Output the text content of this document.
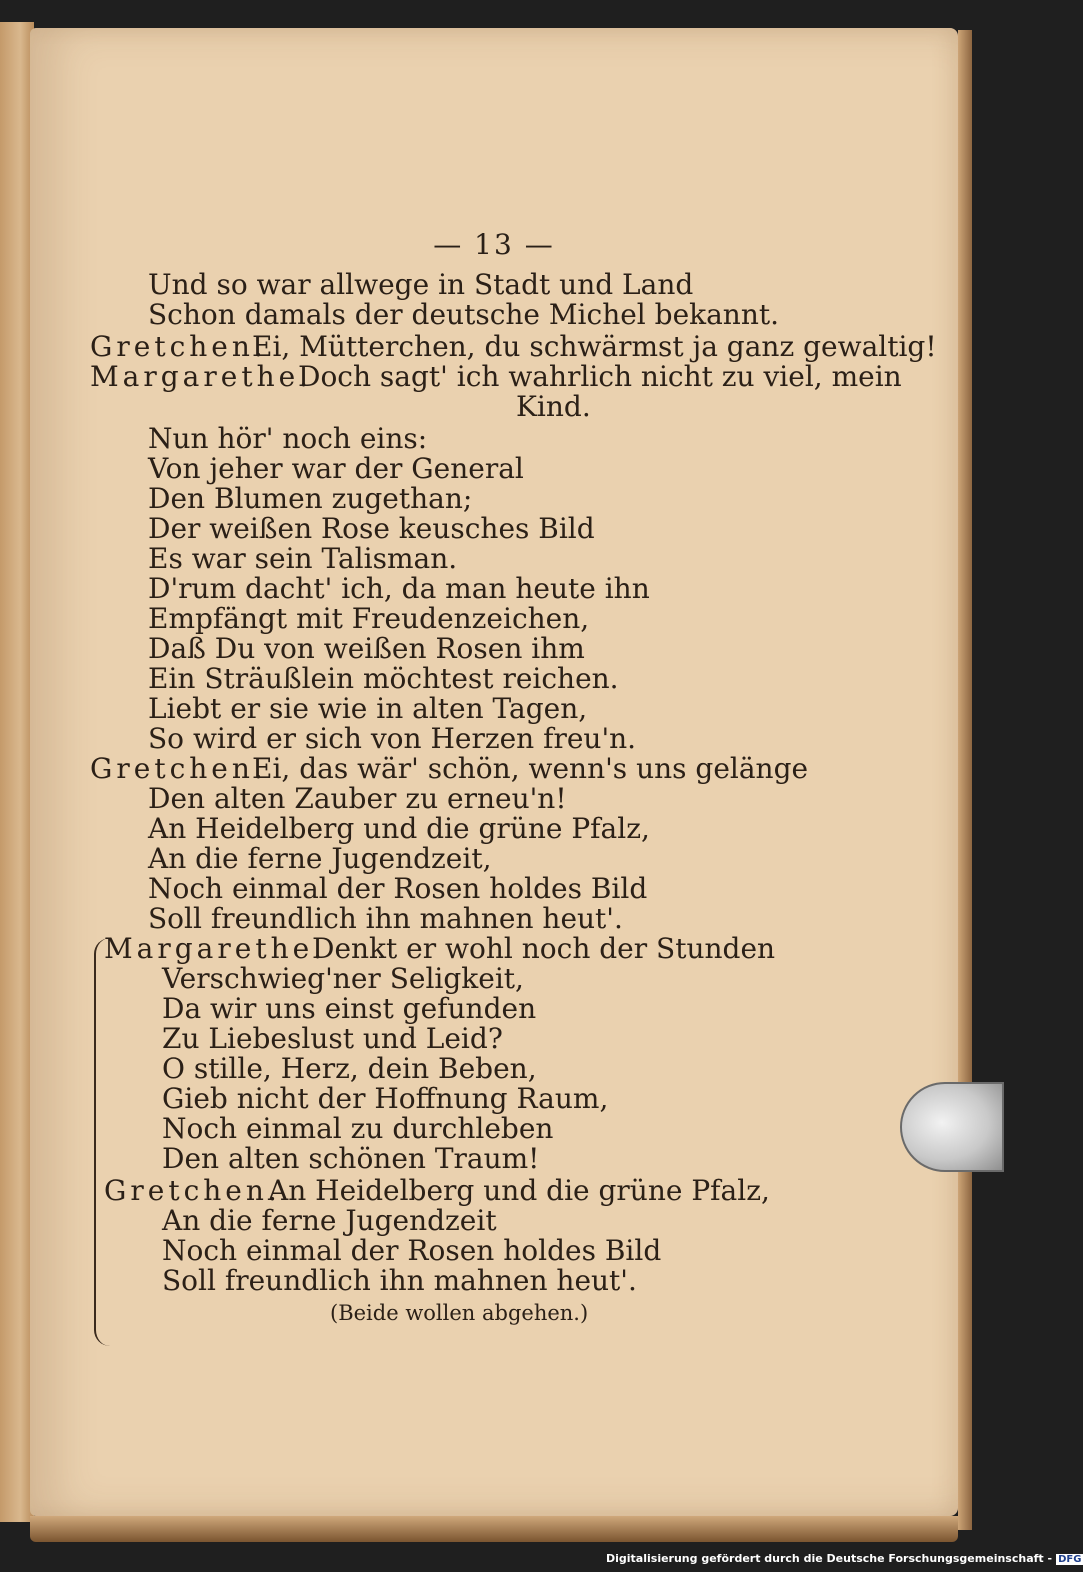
— 13 —
Und so war allwege in Stadt und Land
Schon damals der deutsche Michel bekannt.
Gretchen.
Ei, Mütterchen, du schwärmst ja ganz gewaltig!
Margarethe.
Doch sagt' ich wahrlich nicht zu viel, mein
Kind.
Nun hör' noch eins:
Von jeher war der General
Den Blumen zugethan;
Der weißen Rose keusches Bild
Es war sein Talisman.
D'rum dacht' ich, da man heute ihn
Empfängt mit Freudenzeichen,
Daß Du von weißen Rosen ihm
Ein Sträußlein möchtest reichen.
Liebt er sie wie in alten Tagen,
So wird er sich von Herzen freu'n.
Gretchen.
Ei, das wär' schön, wenn's uns gelänge
Den alten Zauber zu erneu'n!
An Heidelberg und die grüne Pfalz,
An die ferne Jugendzeit,
Noch einmal der Rosen holdes Bild
Soll freundlich ihn mahnen heut'.
Margarethe.
Denkt er wohl noch der Stunden
Verschwieg'ner Seligkeit,
Da wir uns einst gefunden
Zu Liebeslust und Leid?
O stille, Herz, dein Beben,
Gieb nicht der Hoffnung Raum,
Noch einmal zu durchleben
Den alten schönen Traum!
Gretchen.
An Heidelberg und die grüne Pfalz,
An die ferne Jugendzeit
Noch einmal der Rosen holdes Bild
Soll freundlich ihn mahnen heut'.
(Beide wollen abgehen.)
Digitalisierung gefördert durch die Deutsche Forschungsgemeinschaft - DFG
